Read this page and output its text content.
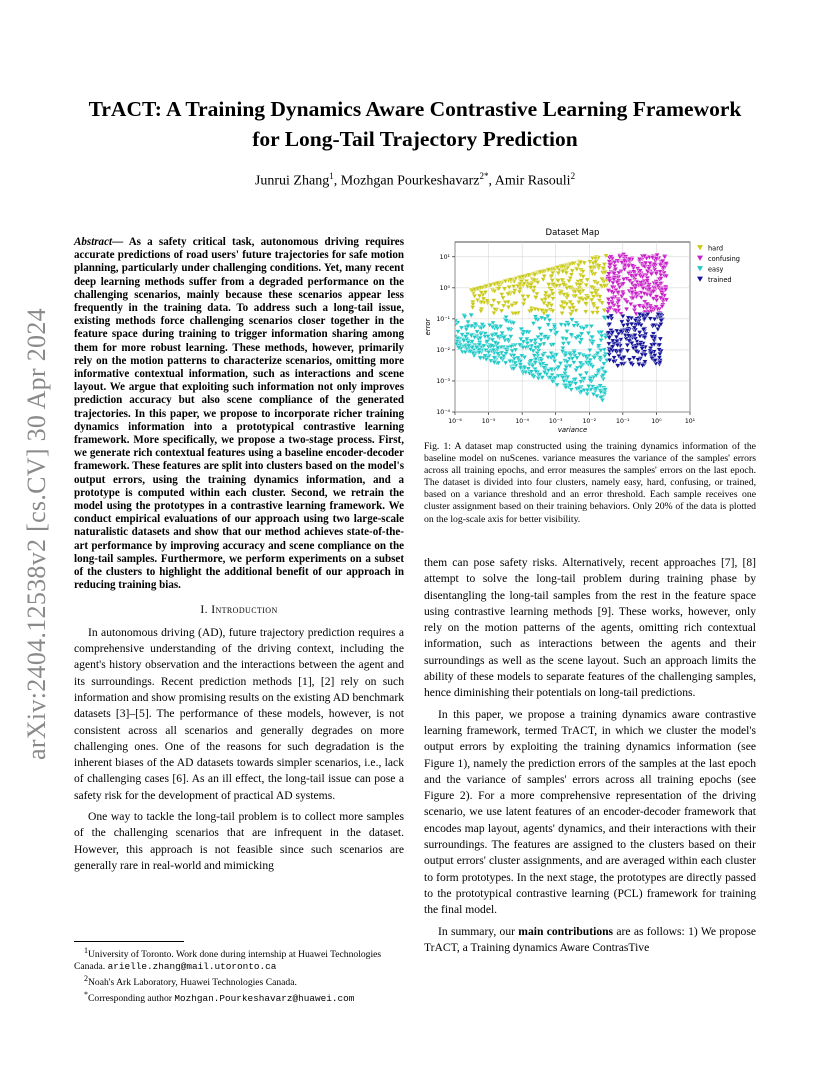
arXiv:2404.12538v2 [cs.CV] 30 Apr 2024
TrACT: A Training Dynamics Aware Contrastive Learning Framework
for Long-Tail Trajectory Prediction
Junrui Zhang$^1$, Mozhgan Pourkeshavarz$^{2*}$, Amir Rasouli$^2$

Abstract— As a safety critical task, autonomous driving requires accurate predictions of road users' future trajectories for safe motion planning, particularly under challenging conditions. Yet, many recent deep learning methods suffer from a degraded performance on the challenging scenarios, mainly because these scenarios appear less frequently in the training data. To address such a long-tail issue, existing methods force challenging scenarios closer together in the feature space during training to trigger information sharing among them for more robust learning. These methods, however, primarily rely on the motion patterns to characterize scenarios, omitting more informative contextual information, such as interactions and scene layout. We argue that exploiting such information not only improves prediction accuracy but also scene compliance of the generated trajectories. In this paper, we propose to incorporate richer training dynamics information into a prototypical contrastive learning framework. More specifically, we propose a two-stage process. First, we generate rich contextual features using a baseline encoder-decoder framework. These features are split into clusters based on the model's output errors, using the training dynamics information, and a prototype is computed within each cluster. Second, we retrain the model using the prototypes in a contrastive learning framework. We conduct empirical evaluations of our approach using two large-scale naturalistic datasets and show that our method achieves state-of-the-art performance by improving accuracy and scene compliance on the long-tail samples. Furthermore, we perform experiments on a subset of the clusters to highlight the additional benefit of our approach in reducing training bias.

I. Introduction

In autonomous driving (AD), future trajectory prediction requires a comprehensive understanding of the driving context, including the agent's history observation and the interactions between the agent and its surroundings. Recent prediction methods [1], [2] rely on such information and show promising results on the existing AD benchmark datasets [3]–[5]. The performance of these models, however, is not consistent across all scenarios and generally degrades on more challenging ones. One of the reasons for such degradation is the inherent biases of the AD datasets towards simpler scenarios, i.e., lack of challenging cases [6]. As an ill effect, the long-tail issue can pose a safety risk for the development of practical AD systems.

One way to tackle the long-tail problem is to collect more samples of the challenging scenarios that are infrequent in the dataset. However, this approach is not feasible since such scenarios are generally rare in real-world and mimicking

$^1$University of Toronto. Work done during internship at Huawei Technologies Canada. arielle.zhang@mail.utoronto.ca
$^2$Noah's Ark Laboratory, Huawei Technologies Canada.
*Corresponding author Mozhgan.Pourkeshavarz@huawei.com
Dataset Map
10⁻⁶	10⁻⁵	10⁻⁴	10⁻³	10⁻²	10⁻¹	10⁰	10¹
10⁻⁴
10⁻³
10⁻²
10⁻¹
10⁰
10¹
variance
error
hard
confusing
easy
trained
Fig. 1: A dataset map constructed using the training dynamics information of the baseline model on nuScenes. variance measures the variance of the samples' errors across all training epochs, and error measures the samples' errors on the last epoch. The dataset is divided into four clusters, namely easy, hard, confusing, or trained, based on a variance threshold and an error threshold. Each sample receives one cluster assignment based on their training behaviors. Only 20% of the data is plotted on the log-scale axis for better visibility.

them can pose safety risks. Alternatively, recent approaches [7], [8] attempt to solve the long-tail problem during training phase by disentangling the long-tail samples from the rest in the feature space using contrastive learning methods [9]. These works, however, only rely on the motion patterns of the agents, omitting rich contextual information, such as interactions between the agents and their surroundings as well as the scene layout. Such an approach limits the ability of these models to separate features of the challenging samples, hence diminishing their potentials on long-tail predictions.

In this paper, we propose a training dynamics aware contrastive learning framework, termed TrACT, in which we cluster the model's output errors by exploiting the training dynamics information (see Figure 1), namely the prediction errors of the samples at the last epoch and the variance of samples' errors across all training epochs (see Figure 2). For a more comprehensive representation of the driving scenario, we use latent features of an encoder-decoder framework that encodes map layout, agents' dynamics, and their interactions with their surroundings. The features are assigned to the clusters based on their output errors' cluster assignments, and are averaged within each cluster to form prototypes. In the next stage, the prototypes are directly passed to the prototypical contrastive learning (PCL) framework for training the final model.

In summary, our main contributions are as follows: 1) We propose TrACT, a Training dynamics Aware ContrasTive
